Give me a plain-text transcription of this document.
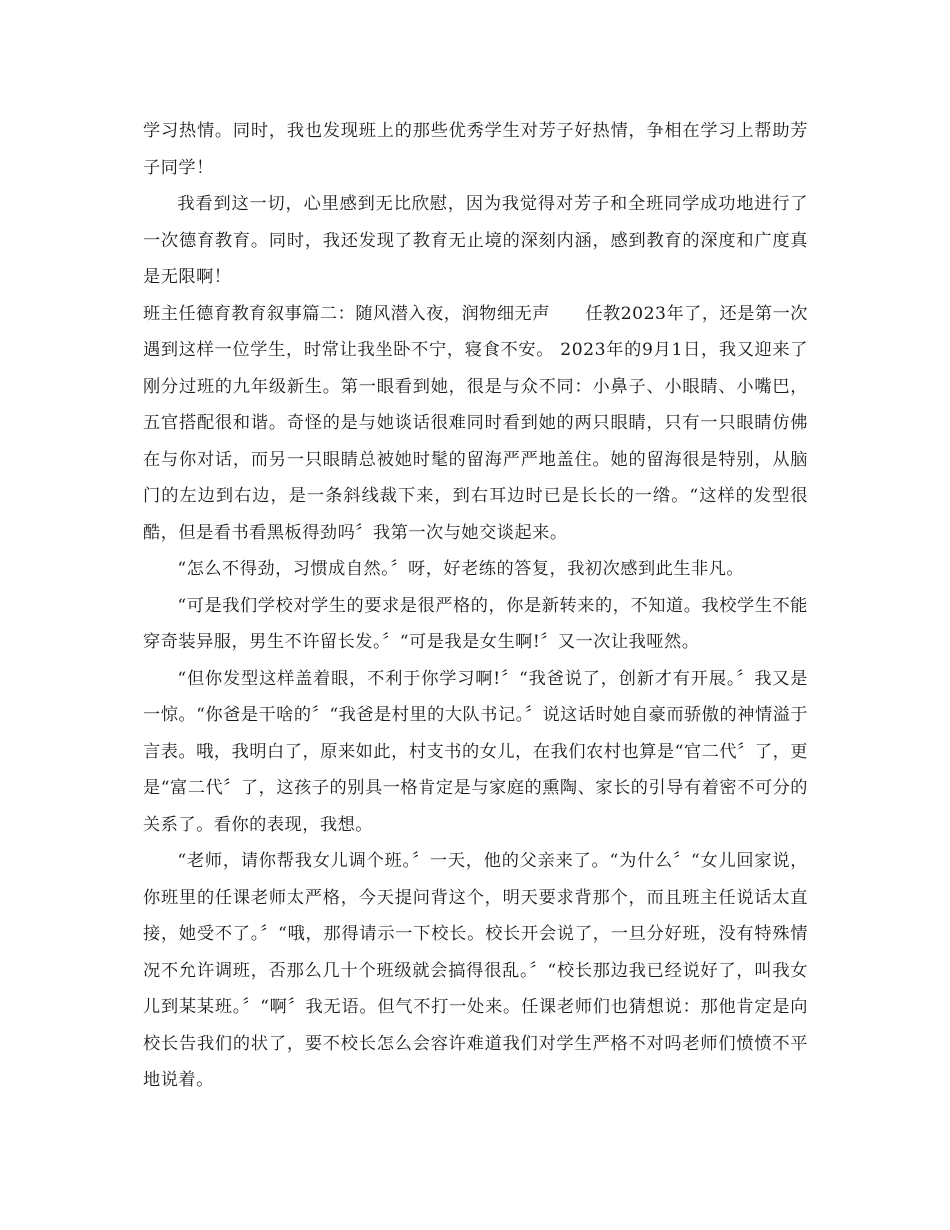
学习热情。同时，我也发现班上的那些优秀学生对芳子好热情，争相在学习上帮助芳子同学！

我看到这一切，心里感到无比欣慰，因为我觉得对芳子和全班同学成功地进行了一次德育教育。同时，我还发现了教育无止境的深刻内涵，感到教育的深度和广度真是无限啊！

班主任德育教育叙事篇二：随风潜入夜，润物细无声　　任教2023年了，还是第一次遇到这样一位学生，时常让我坐卧不宁，寝食不安。 2023年的9月1日，我又迎来了刚分过班的九年级新生。第一眼看到她，很是与众不同：小鼻子、小眼睛、小嘴巴，五官搭配很和谐。奇怪的是与她谈话很难同时看到她的两只眼睛，只有一只眼睛仿佛在与你对话，而另一只眼睛总被她时髦的留海严严地盖住。她的留海很是特别，从脑门的左边到右边，是一条斜线裁下来，到右耳边时已是长长的一绺。“这样的发型很酷，但是看书看黑板得劲吗〞我第一次与她交谈起来。

“怎么不得劲，习惯成自然。〞呀，好老练的答复，我初次感到此生非凡。

“可是我们学校对学生的要求是很严格的，你是新转来的，不知道。我校学生不能穿奇装异服，男生不许留长发。〞“可是我是女生啊!〞又一次让我哑然。

“但你发型这样盖着眼，不利于你学习啊!〞“我爸说了，创新才有开展。〞我又是一惊。“你爸是干啥的〞“我爸是村里的大队书记。〞说这话时她自豪而骄傲的神情溢于言表。哦，我明白了，原来如此，村支书的女儿，在我们农村也算是“官二代〞了，更是“富二代〞了，这孩子的别具一格肯定是与家庭的熏陶、家长的引导有着密不可分的关系了。看你的表现，我想。

“老师，请你帮我女儿调个班。〞一天，他的父亲来了。“为什么〞“女儿回家说，你班里的任课老师太严格，今天提问背这个，明天要求背那个，而且班主任说话太直接，她受不了。〞“哦，那得请示一下校长。校长开会说了，一旦分好班，没有特殊情况不允许调班，否那么几十个班级就会搞得很乱。〞“校长那边我已经说好了，叫我女儿到某某班。〞“啊〞我无语。但气不打一处来。任课老师们也猜想说：那他肯定是向校长告我们的状了，要不校长怎么会容许难道我们对学生严格不对吗老师们愤愤不平地说着。
